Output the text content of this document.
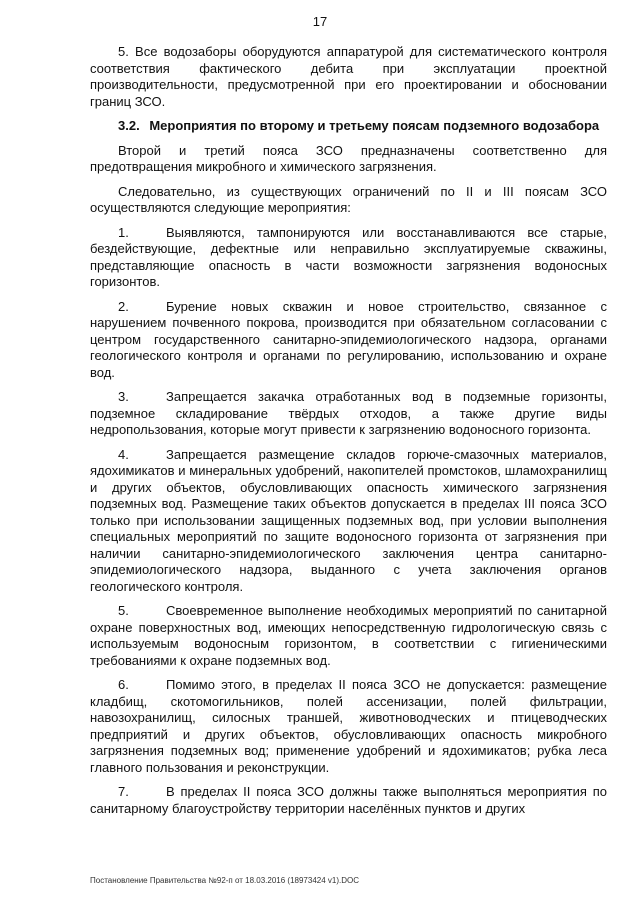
17

5. Все водозаборы оборудуются аппаратурой для систематического контроля соответствия фактического дебита при эксплуатации проектной производительности, предусмотренной при его проектировании и обосновании границ ЗСО.

3.2. Мероприятия по второму и третьему поясам подземного водозабора

Второй и третий пояса ЗСО предназначены соответственно для предотвращения микробного и химического загрязнения.

Следовательно, из существующих ограничений по II и III поясам ЗСО осуществляются следующие мероприятия:

1.	Выявляются, тампонируются или восстанавливаются все старые, бездействующие, дефектные или неправильно эксплуатируемые скважины, представляющие опасность в части возможности загрязнения водоносных горизонтов.

2.	Бурение новых скважин и новое строительство, связанное с нарушением почвенного покрова, производится при обязательном согласовании с центром государственного санитарно-эпидемиологического надзора, органами геологического контроля и органами по регулированию, использованию и охране вод.

3.	Запрещается закачка отработанных вод в подземные горизонты, подземное складирование твёрдых отходов, а также другие виды недропользования, которые могут привести к загрязнению водоносного горизонта.

4.	Запрещается размещение складов горюче-смазочных материалов, ядохимикатов и минеральных удобрений, накопителей промстоков, шламохранилищ и других объектов, обусловливающих опасность химического загрязнения подземных вод. Размещение таких объектов допускается в пределах III пояса ЗСО только при использовании защищенных подземных вод, при условии выполнения специальных мероприятий по защите водоносного горизонта от загрязнения при наличии санитарно-эпидемиологического заключения центра санитарно-эпидемиологического надзора, выданного с учета заключения органов геологического контроля.

5.	Своевременное выполнение необходимых мероприятий по санитарной охране поверхностных вод, имеющих непосредственную гидрологическую связь с используемым водоносным горизонтом, в соответствии с гигиеническими требованиями к охране подземных вод.

6.	Помимо этого, в пределах II пояса ЗСО не допускается: размещение кладбищ, скотомогильников, полей ассенизации, полей фильтрации, навозохранилищ, силосных траншей, животноводческих и птицеводческих предприятий и других объектов, обусловливающих опасность микробного загрязнения подземных вод; применение удобрений и ядохимикатов; рубка леса главного пользования и реконструкции.

7.	В пределах II пояса ЗСО должны также выполняться мероприятия по санитарному благоустройству территории населённых пунктов и других

Постановление Правительства №92-п от 18.03.2016 (18973424 v1).DOC
